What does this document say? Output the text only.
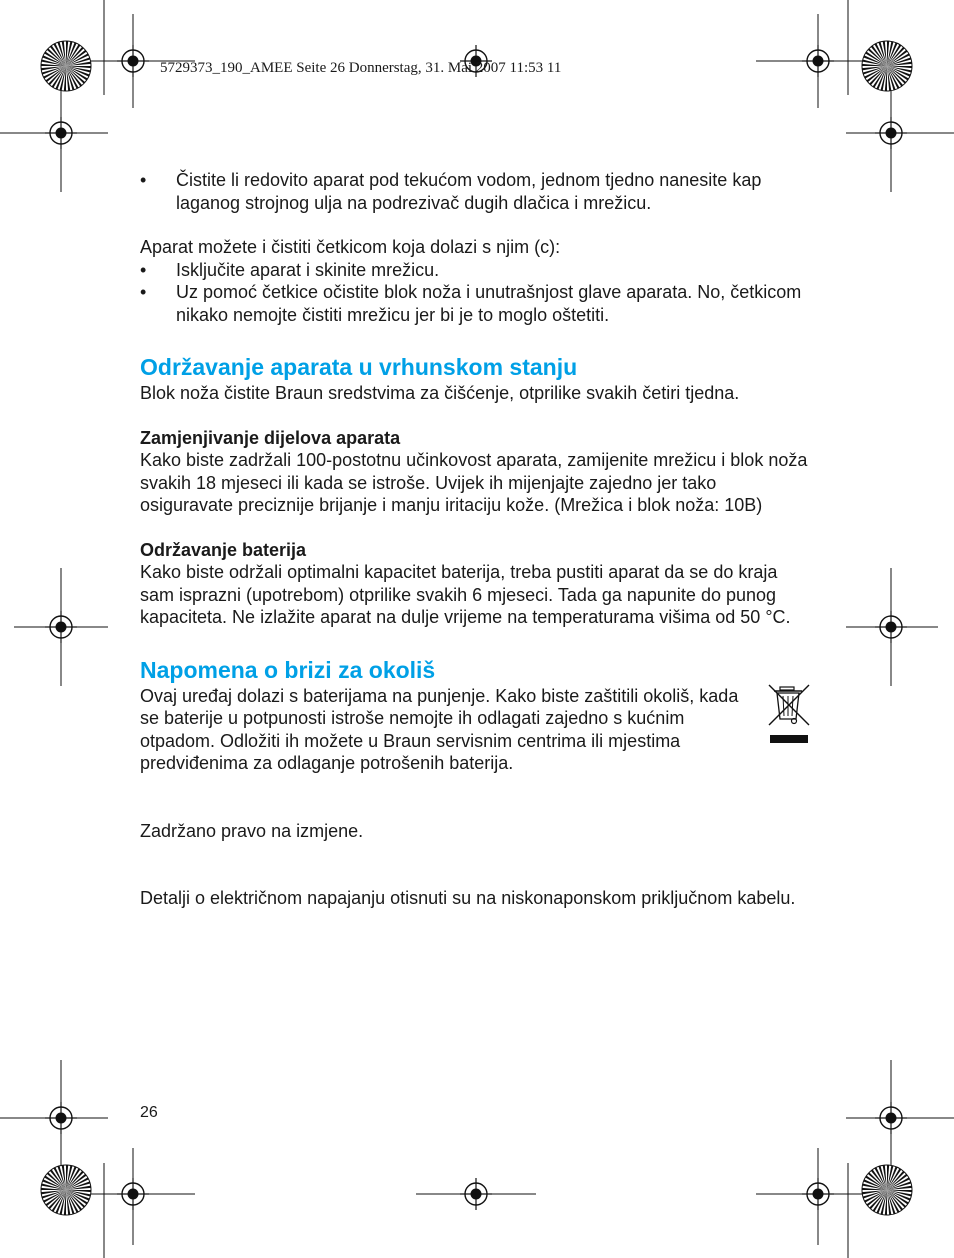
5729373_190_AMEE Seite 26 Donnerstag, 31. Mai 2007 11:53 11
• Čistite li redovito aparat pod tekućom vodom, jednom tjedno nanesite kap laganog strojnog ulja na podrezivač dugih dlačica i mrežicu.

Aparat možete i čistiti četkicom koja dolazi s njim (c):

• Isključite aparat i skinite mrežicu.

• Uz pomoć četkice očistite blok noža i unutrašnjost glave aparata. No, četkicom nikako nemojte čistiti mrežicu jer bi je to moglo oštetiti.

Održavanje aparata u vrhunskom stanju

Blok noža čistite Braun sredstvima za čišćenje, otprilike svakih četiri tjedna.

Zamjenjivanje dijelova aparata

Kako biste zadržali 100-postotnu učinkovost aparata, zamijenite mrežicu i blok noža svakih 18 mjeseci ili kada se istroše. Uvijek ih mijenjajte zajedno jer tako osiguravate preciznije brijanje i manju iritaciju kože. (Mrežica i blok noža: 10B)

Održavanje baterija

Kako biste održali optimalni kapacitet baterija, treba pustiti aparat da se do kraja sam isprazni (upotrebom) otprilike svakih 6 mjeseci. Tada ga napunite do punog kapaciteta. Ne izlažite aparat na dulje vrijeme na temperaturama višima od 50 °C.

Napomena o brizi za okoliš

Ovaj uređaj dolazi s baterijama na punjenje. Kako biste zaštitili okoliš, kada se baterije u potpunosti istroše nemojte ih odlagati zajedno s kućnim otpadom. Odložiti ih možete u Braun servisnim centrima ili mjestima predviđenima za odlaganje potrošenih baterija.

Zadržano pravo na izmjene.

Detalji o električnom napajanju otisnuti su na niskonaponskom priključnom kabelu.

26
